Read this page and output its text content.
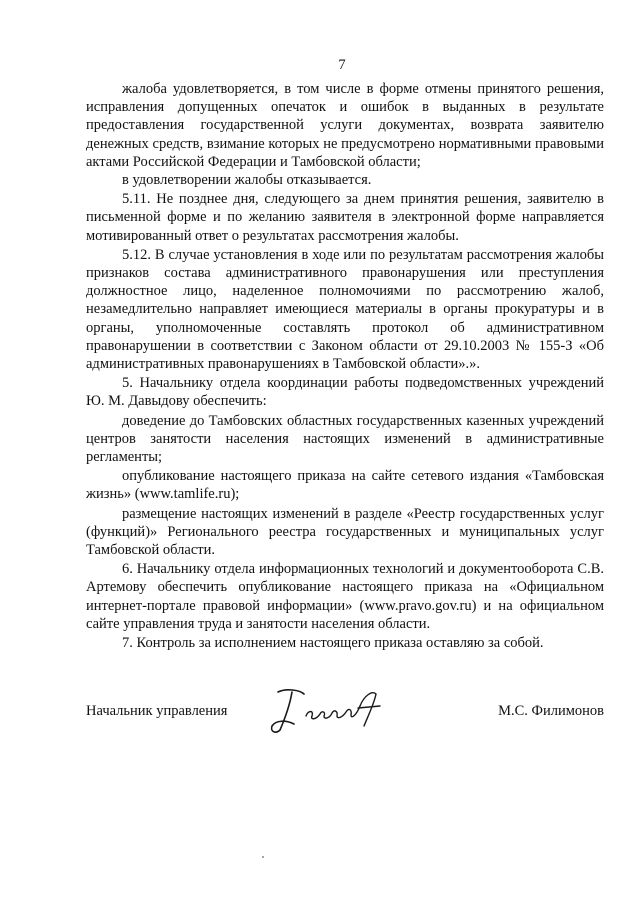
7

жалоба удовлетворяется, в том числе в форме отмены принятого решения, исправления допущенных опечаток и ошибок в выданных в результате предоставления государственной услуги документах, возврата заявителю денежных средств, взимание которых не предусмотрено нормативными правовыми актами Российской Федерации и Тамбовской области;

в удовлетворении жалобы отказывается.

5.11. Не позднее дня, следующего за днем принятия решения, заявителю в письменной форме и по желанию заявителя в электронной форме направляется мотивированный ответ о результатах рассмотрения жалобы.

5.12. В случае установления в ходе или по результатам рассмотрения жалобы признаков состава административного правонарушения или преступления должностное лицо, наделенное полномочиями по рассмотрению жалоб, незамедлительно направляет имеющиеся материалы в органы прокуратуры и в органы, уполномоченные составлять протокол об административном правонарушении в соответствии с Законом области от 29.10.2003 № 155-З «Об административных правонарушениях в Тамбовской области».».

5. Начальнику отдела координации работы подведомственных учреждений Ю. М. Давыдову обеспечить:

доведение до Тамбовских областных государственных казенных учреждений центров занятости населения настоящих изменений в административные регламенты;

опубликование настоящего приказа на сайте сетевого издания «Тамбовская жизнь» (www.tamlife.ru);

размещение настоящих изменений в разделе «Реестр государственных услуг (функций)» Регионального реестра государственных и муниципальных услуг Тамбовской области.

6. Начальнику отдела информационных технологий и документооборота С.В. Артемову обеспечить опубликование настоящего приказа на «Официальном интернет-портале правовой информации» (www.pravo.gov.ru) и на официальном сайте управления труда и занятости населения области.

7. Контроль за исполнением настоящего приказа оставляю за собой.

Начальник управления	М.С. Филимонов
